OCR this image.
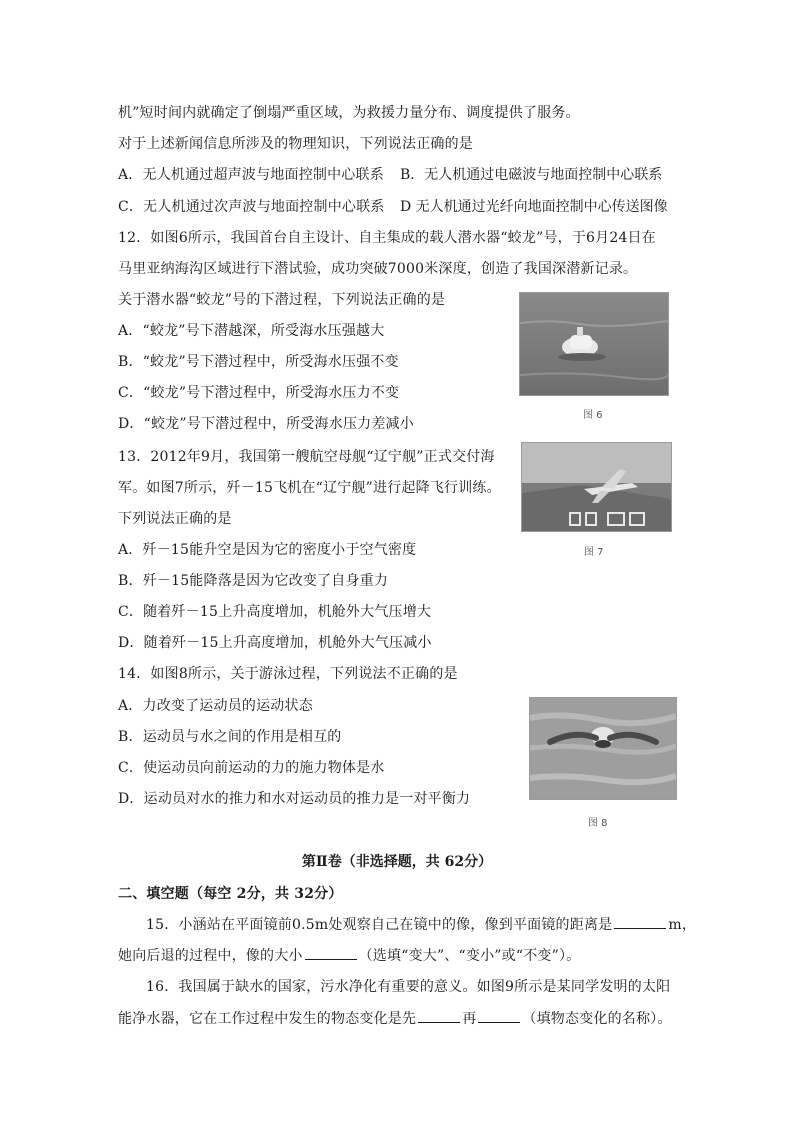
机”短时间内就确定了倒塌严重区域，为救援力量分布、调度提供了服务。
对于上述新闻信息所涉及的物理知识，下列说法正确的是
A．无人机通过超声波与地面控制中心联系 B．无人机通过电磁波与地面控制中心联系
C．无人机通过次声波与地面控制中心联系 D 无人机通过光纤向地面控制中心传送图像
12．如图6所示，我国首台自主设计、自主集成的载人潜水器“蛟龙”号，于6月24日在
马里亚纳海沟区域进行下潜试验，成功突破7000米深度，创造了我国深潜新记录。
关于潜水器“蛟龙”号的下潜过程，下列说法正确的是
A．“蛟龙”号下潜越深，所受海水压强越大
B．“蛟龙”号下潜过程中，所受海水压强不变
C．“蛟龙”号下潜过程中，所受海水压力不变
D．“蛟龙”号下潜过程中，所受海水压力差减小
图 6
13．2012年9月，我国第一艘航空母舰“辽宁舰”正式交付海
军。如图7所示，歼－15飞机在“辽宁舰”进行起降飞行训练。
下列说法正确的是
A．歼－15能升空是因为它的密度小于空气密度
B．歼－15能降落是因为它改变了自身重力
C．随着歼－15上升高度增加，机舱外大气压增大
D．随着歼－15上升高度增加，机舱外大气压减小
图 7
14．如图8所示，关于游泳过程，下列说法不正确的是
A．力改变了运动员的运动状态
B．运动员与水之间的作用是相互的
C．使运动员向前运动的力的施力物体是水
D．运动员对水的推力和水对运动员的推力是一对平衡力
图 8
第Ⅱ卷（非选择题，共 62分）
二、填空题（每空 2分，共 32分）
15．小涵站在平面镜前0.5m处观察自己在镜中的像，像到平面镜的距离是	m，
她向后退的过程中，像的大小	（选填“变大”、“变小”或“不变”）。
16．我国属于缺水的国家，污水净化有重要的意义。如图9所示是某同学发明的太阳
能净水器，它在工作过程中发生的物态变化是先	再	（填物态变化的名称）。
